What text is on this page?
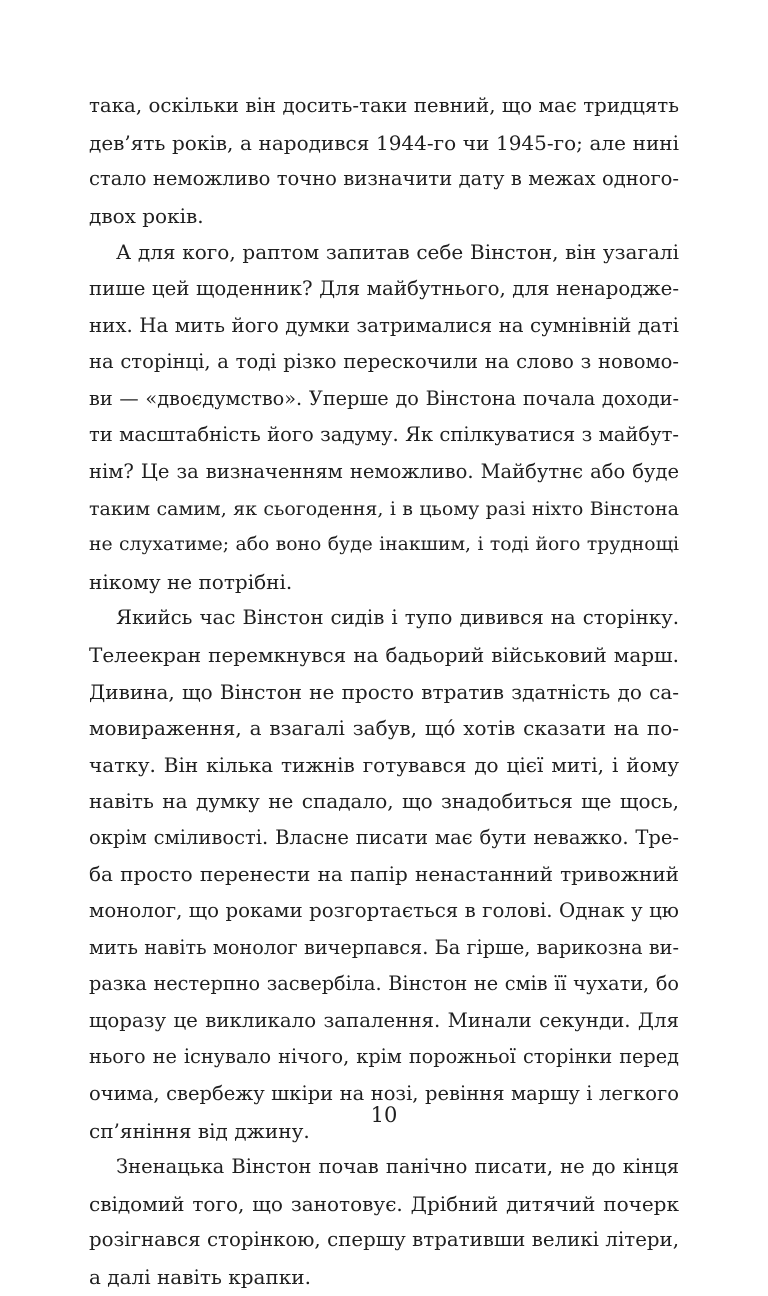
така, оскільки він досить-таки певний, що має тридцять
дев’ять років, а народився 1944-го чи 1945-го; але нині
стало неможливо точно визначити дату в межах одного-
двох років.
А для кого, раптом запитав себе Вінстон, він узагалі
пише цей щоденник? Для майбутнього, для ненароджe-
них. На мить його думки затрималися на сумнівній даті
на сторінці, а тоді різко перескочили на слово з новомо-
ви — «двоєдумство». Уперше до Вінстона почала доходи-
ти масштабність його задуму. Як спілкуватися з майбут-
нім? Це за визначенням неможливо. Майбутнє або буде
таким самим, як сьогодення, і в цьому разі ніхто Вінстона
не слухатиме; або воно буде інакшим, і тоді його труднощі
нікому не потрібні.
Якийсь час Вінстон сидів і тупо дивився на сторінку.
Телеекран перемкнувся на бадьорий військовий марш.
Дивина, що Вінстон не просто втратив здатність до са-
мовираження, а взагалі забув, щó хотів сказати на по-
чатку. Він кілька тижнів готувався до цієї миті, і йому
навіть на думку не спадало, що знадобиться ще щось,
окрім сміливості. Власне писати має бути неважко. Тре-
ба просто перенести на папір ненастанний тривожний
монолог, що роками розгортається в голові. Однак у цю
мить навіть монолог вичерпався. Ба гірше, варикозна ви-
разка нестерпно засвербіла. Вінстон не смів її чухати, бо
щоразу це викликало запалення. Минали секунди. Для
нього не існувало нічого, крім порожньої сторінки перед
очима, свербежу шкіри на нозі, ревіння маршу і легкого
сп’яніння від джину.
Зненацька Вінстон почав панічно писати, не до кінця
свідомий того, що занотовує. Дрібний дитячий почерк
розігнався сторінкою, спершу втративши великі літери,
а далі навіть крапки.
10
